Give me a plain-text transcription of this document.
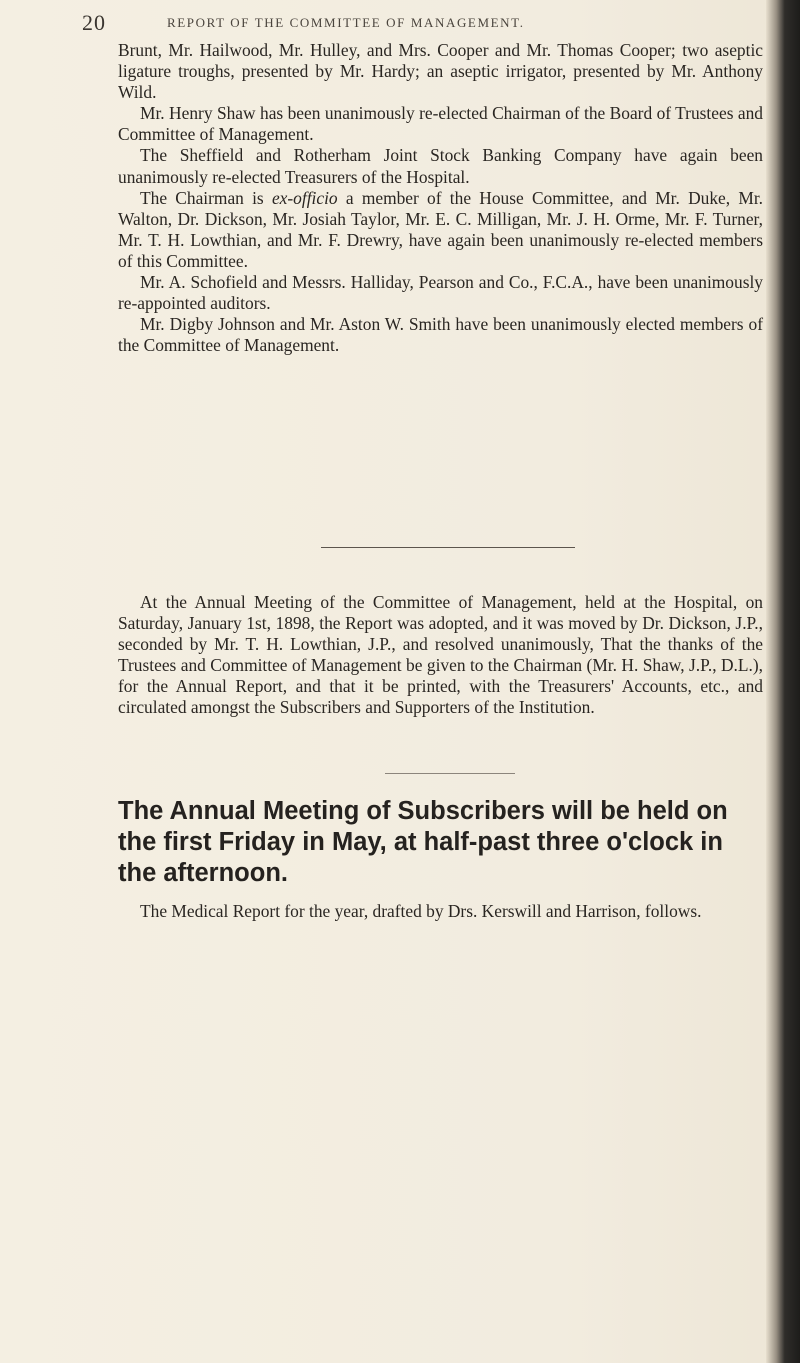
20	REPORT OF THE COMMITTEE OF MANAGEMENT.

Brunt, Mr. Hailwood, Mr. Hulley, and Mrs. Cooper and Mr. Thomas Cooper; two aseptic ligature troughs, presented by Mr. Hardy; an aseptic irrigator, presented by Mr. Anthony Wild.

Mr. Henry Shaw has been unanimously re-elected Chairman of the Board of Trustees and Committee of Management.

The Sheffield and Rotherham Joint Stock Banking Company have again been unanimously re-elected Treasurers of the Hospital.

The Chairman is ex-officio a member of the House Committee, and Mr. Duke, Mr. Walton, Dr. Dickson, Mr. Josiah Taylor, Mr. E. C. Milligan, Mr. J. H. Orme, Mr. F. Turner, Mr. T. H. Lowthian, and Mr. F. Drewry, have again been unanimously re-elected members of this Committee.

Mr. A. Schofield and Messrs. Halliday, Pearson and Co., F.C.A., have been unanimously re-appointed auditors.

Mr. Digby Johnson and Mr. Aston W. Smith have been unanimously elected members of the Committee of Management.

At the Annual Meeting of the Committee of Management, held at the Hospital, on Saturday, January 1st, 1898, the Report was adopted, and it was moved by Dr. Dickson, J.P., seconded by Mr. T. H. Lowthian, J.P., and resolved unanimously, That the thanks of the Trustees and Committee of Management be given to the Chairman (Mr. H. Shaw, J.P., D.L.), for the Annual Report, and that it be printed, with the Treasurers' Accounts, etc., and circulated amongst the Subscribers and Supporters of the Institution.

The Annual Meeting of Subscribers will be held on the first Friday in May, at half-past three o'clock in the afternoon.

The Medical Report for the year, drafted by Drs. Kerswill and Harrison, follows.
